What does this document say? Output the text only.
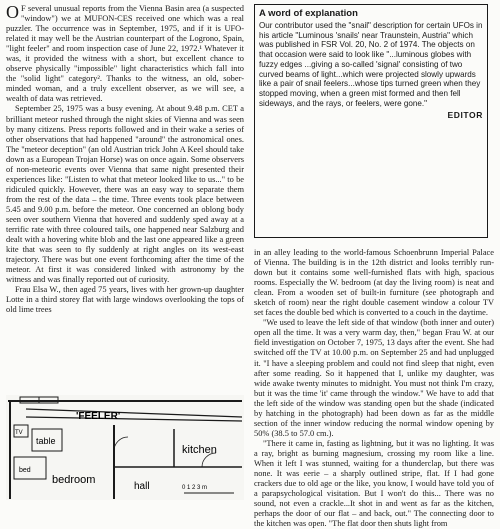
O F several unusual reports from the Vienna Basin area (a suspected "window") we at MUFON-CES received one which was a real puzzler. The occurrence was in September, 1975, and if it is UFO-related it may well be the Austrian counterpart of the Logrono, Spain, "light feeler" and room inspection case of June 22, 1972.¹ Whatever it was, it provided the witness with a short, but excellent chance to observe physically "impossible" light characteristics which fall into the "solid light" category². Thanks to the witness, an old, sober-minded woman, and a truly excellent observer, as we will see, a wealth of data was retrieved.

September 25, 1975 was a busy evening. At about 9.48 p.m. CET a brilliant meteor rushed through the night skies of Vienna and was seen by many citizens. Press reports followed and in their wake a series of other observations that had happened "around" the astronomical ones. The "meteor deception" (an old Austrian trick John A Keel should take down as a European Trojan Horse) was on once again. Some observers of non-meteoric events over Vienna that same night presented their experiences like: "Listen to what that meteor looked like to us..." to be ridiculed quickly. However, there was an easy way to separate them from the rest of the data – the time. Three events took place between 5.45 and 9.00 p.m. before the meteor. One concerned an oblong body seen over southern Vienna that hovered and suddenly sped away at a terrific rate with three coloured tails, one happened near Salzburg and dealt with a hovering white blob and the last one appeared like a green kite that was seen to fly suddenly at right angles on its west-east trajectory. There was but one event forthcoming after the time of the meteor. At first it was considered linked with astronomy by the witness and was finally reported out of curiosity.

Frau Elsa W., then aged 75 years, lives with her grown-up daughter Lotte in a third storey flat with large windows overlooking the tops of old lime trees

A word of explanation
Our contributor used the "snail" description for certain UFOs in his article "Luminous 'snails' near Traunstein, Austria" which was published in FSR Vol. 20, No. 2 of 1974. The objects on that occasion were said to look like "...luminous globes with fuzzy edges ...giving a so-called 'signal' consisting of two curved beams of light...which were projected slowly upwards like a pair of snail feelers...whose tips turned green when they stopped moving, when a green mist formed and then fell sideways, and the rays, or feelers, were gone."
EDITOR

in an alley leading to the world-famous Schoenbrunn Imperial Palace of Vienna. The building is in the 12th district and looks terribly run-down but it contains some well-furnished flats with high, spacious rooms. Especially the W. bedroom (at day the living room) is neat and clean. From a wooden set of built-in furniture (see photograph and sketch of room) near the right double casement window a colour TV set faces the double bed which is converted to a couch in the daytime.

"We used to leave the left side of that window (both inner and outer) open all the time. It was a very warm day, then," began Frau W. at our field investigation on October 7, 1975, 13 days after the event. She had switched off the TV at 10.00 p.m. on September 25 and had unplugged it. "I have a sleeping problem and could not find sleep that night, even after some reading. So it happened that I, unlike my daughter, was wide awake twenty minutes to midnight. You must not think I'm crazy, but it was the time 'it' came through the window." We have to add that the left side of the window was standing open but the shade (indicated by hatching in the photograph) had been down as far as the middle section of the inner window reducing the normal window opening by 50% (38.5 to 57.0 cm.).

"There it came in, fasting as lightning, but it was no lighting. It was a ray, bright as burning magnesium, crossing my room like a line. When it left I was stunned, waiting for a thunderclap, but there was none. It was eerie – a sharply outlined stripe, flat. If I had gone crackers due to old age or the like, you know, I would have told you of a parapsychological visitation. But I won't do this... There was no sound, not even a crackle...It shot in and went as far as the kitchen, perhaps the door of our flat – and back, out." The connecting door to the kitchen was open. "The flat door then shuts light from

'FEELER'
TV
table
bed
bedroom
kitchen
hall	0 1 2 3 m
